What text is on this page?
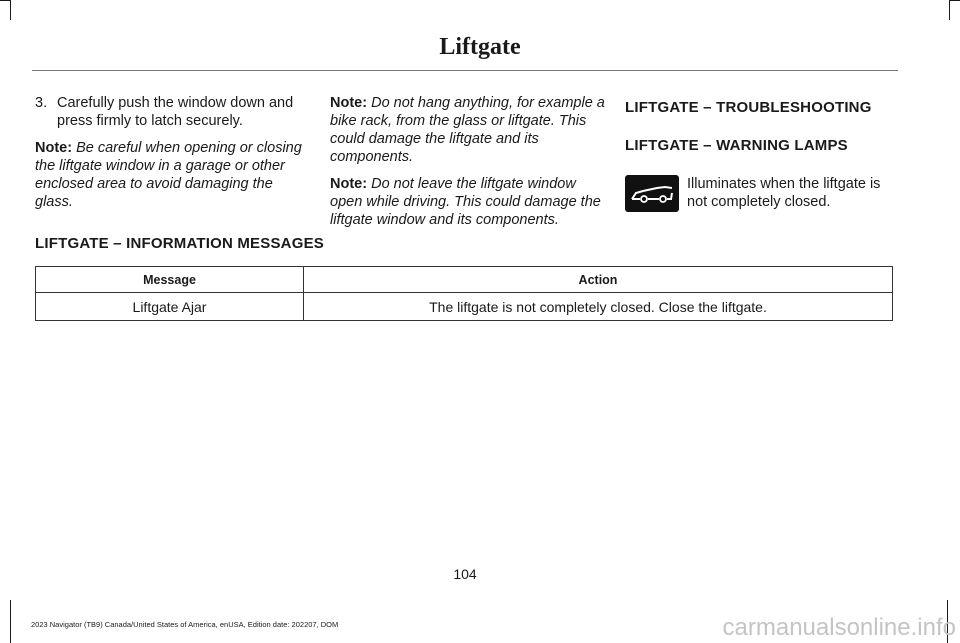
Liftgate

3. Carefully push the window down and press firmly to latch securely.

Note: Be careful when opening or closing the liftgate window in a garage or other enclosed area to avoid damaging the glass.

Note: Do not hang anything, for example a bike rack, from the glass or liftgate. This could damage the liftgate and its components.

Note: Do not leave the liftgate window open while driving. This could damage the liftgate window and its components.

LIFTGATE – TROUBLESHOOTING
LIFTGATE – WARNING LAMPS
Illuminates when the liftgate is not completely closed.
LIFTGATE – INFORMATION MESSAGES
Message	Action
Liftgate Ajar	The liftgate is not completely closed. Close the liftgate.
104
2023 Navigator (TB9) Canada/United States of America, enUSA, Edition date: 202207, DOM	carmanualsonline.info
